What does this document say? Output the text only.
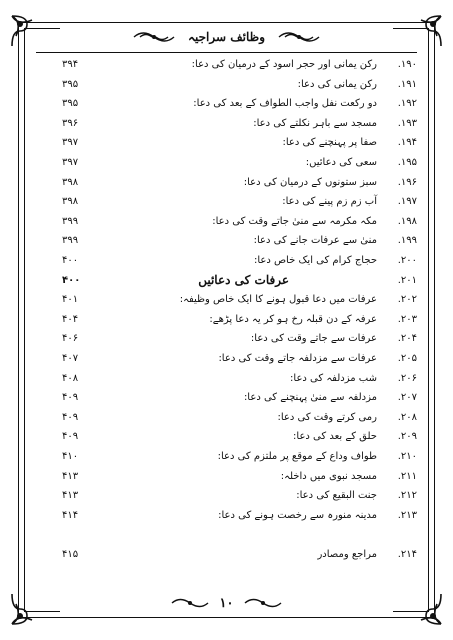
وظائف سراجیہ
۱۹۰.
رکن یمانی اور حجر اسود کے درمیان کی دعا:
۳۹۴
۱۹۱.
رکن یمانی کی دعا:
۳۹۵
۱۹۲.
دو رکعت نفل واجب الطواف کے بعد کی دعا:
۳۹۵
۱۹۳.
مسجد سے باہر نکلتے کی دعا:
۳۹۶
۱۹۴.
صفا پر پہنچنے کی دعا:
۳۹۷
۱۹۵.
سعی کی دعائیں:
۳۹۷
۱۹۶.
سبز ستونوں کے درمیان کی دعا:
۳۹۸
۱۹۷.
آب زم زم پینے کی دعا:
۳۹۸
۱۹۸.
مکہ مکرمہ سے منیٰ جاتے وقت کی دعا:
۳۹۹
۱۹۹.
منیٰ سے عرفات جانے کی دعا:
۳۹۹
۲۰۰.
حجاج کرام کی ایک خاص دعا:
۴۰۰
۲۰۱.
عرفات کی دعائیں
۴۰۰
۲۰۲.
عرفات میں دعا قبول ہونے کا ایک خاص وظیفہ:
۴۰۱
۲۰۳.
عرفہ کے دن قبلہ رخ ہو کر یہ دعا پڑھے:
۴۰۴
۲۰۴.
عرفات سے جاتے وقت کی دعا:
۴۰۶
۲۰۵.
عرفات سے مزدلفہ جاتے وقت کی دعا:
۴۰۷
۲۰۶.
شب مزدلفہ کی دعا:
۴۰۸
۲۰۷.
مزدلفہ سے منیٰ پہنچنے کی دعا:
۴۰۹
۲۰۸.
رمی کرتے وقت کی دعا:
۴۰۹
۲۰۹.
حلق کے بعد کی دعا:
۴۰۹
۲۱۰.
طواف وداع کے موقع پر ملتزم کی دعا:
۴۱۰
۲۱۱.
مسجد نبوی میں داخلہ:
۴۱۳
۲۱۲.
جنت البقیع کی دعا:
۴۱۳
۲۱۳.
مدینہ منورہ سے رخصت ہونے کی دعا:
۴۱۴
۲۱۴.
مراجع ومصادر
۴۱۵
۱۰
